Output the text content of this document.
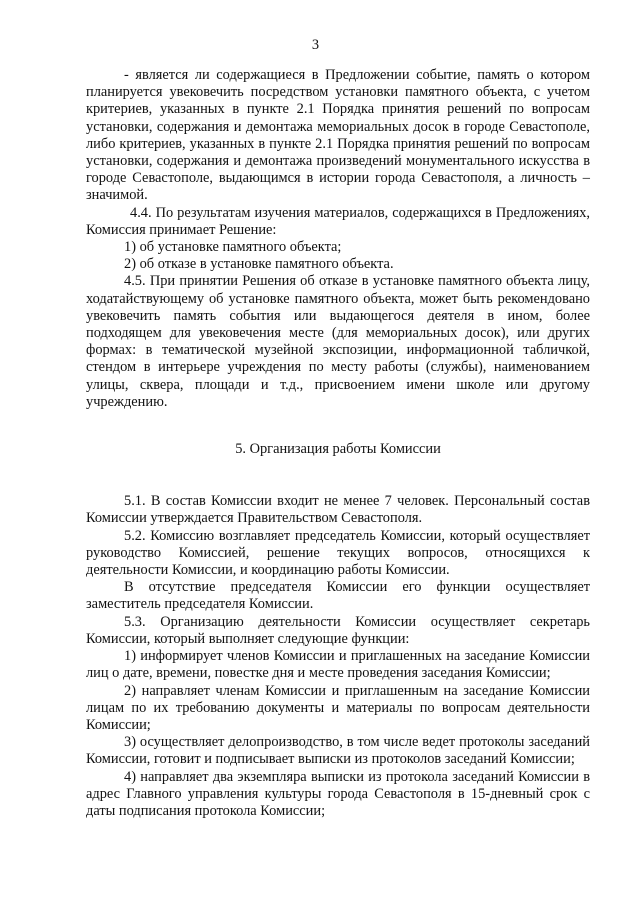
3

- является ли содержащиеся в Предложении событие, память о котором планируется увековечить посредством установки памятного объекта, с учетом критериев, указанных в пункте 2.1 Порядка принятия решений по вопросам установки, содержания и демонтажа мемориальных досок в городе Севастополе, либо критериев, указанных в пункте 2.1 Порядка принятия решений по вопросам установки, содержания и демонтажа произведений монументального искусства в городе Севастополе, выдающимся в истории города Севастополя, а личность – значимой.

4.4. По результатам изучения материалов, содержащихся в Предложениях, Комиссия принимает Решение:

1) об установке памятного объекта;

2) об отказе в установке памятного объекта.

4.5. При принятии Решения об отказе в установке памятного объекта лицу, ходатайствующему об установке памятного объекта, может быть рекомендовано увековечить память события или выдающегося деятеля в ином, более подходящем для увековечения месте (для мемориальных досок), или других формах: в тематической музейной экспозиции, информационной табличкой, стендом в интерьере учреждения по месту работы (службы), наименованием улицы, сквера, площади и т.д., присвоением имени школе или другому учреждению.

5. Организация работы Комиссии

5.1. В состав Комиссии входит не менее 7 человек. Персональный состав Комиссии утверждается Правительством Севастополя.

5.2. Комиссию возглавляет председатель Комиссии, который осуществляет руководство Комиссией, решение текущих вопросов, относящихся к деятельности Комиссии, и координацию работы Комиссии.

В отсутствие председателя Комиссии его функции осуществляет заместитель председателя Комиссии.

5.3. Организацию деятельности Комиссии осуществляет секретарь Комиссии, который выполняет следующие функции:

1) информирует членов Комиссии и приглашенных на заседание Комиссии лиц о дате, времени, повестке дня и месте проведения заседания Комиссии;

2) направляет членам Комиссии и приглашенным на заседание Комиссии лицам по их требованию документы и материалы по вопросам деятельности Комиссии;

3) осуществляет делопроизводство, в том числе ведет протоколы заседаний Комиссии, готовит и подписывает выписки из протоколов заседаний Комиссии;

4) направляет два экземпляра выписки из протокола заседаний Комиссии в адрес Главного управления культуры города Севастополя в 15-дневный срок с даты подписания протокола Комиссии;
